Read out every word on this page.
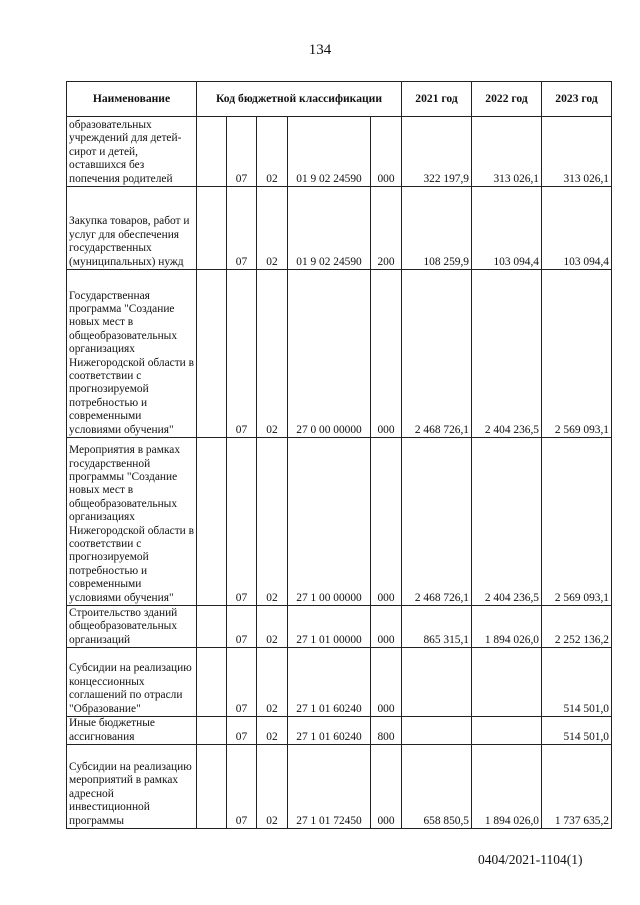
134
Наименование	Код бюджетной классификации					2021 год	2022 год	2023 год
образовательных учреждений для детей-сирот и детей, оставшихся без попечения родителей		07	02	01 9 02 24590	000	322 197,9	313 026,1	313 026,1
Закупка товаров, работ и услуг для обеспечения государственных (муниципальных) нужд		07	02	01 9 02 24590	200	108 259,9	103 094,4	103 094,4
Государственная программа "Создание новых мест в общеобразовательных организациях Нижегородской области в соответствии с прогнозируемой потребностью и современными условиями обучения"		07	02	27 0 00 00000	000	2 468 726,1	2 404 236,5	2 569 093,1
Мероприятия в рамках государственной программы "Создание новых мест в общеобразовательных организациях Нижегородской области в соответствии с прогнозируемой потребностью и современными условиями обучения"		07	02	27 1 00 00000	000	2 468 726,1	2 404 236,5	2 569 093,1
Строительство зданий общеобразовательных организаций		07	02	27 1 01 00000	000	865 315,1	1 894 026,0	2 252 136,2
Субсидии на реализацию концессионных соглашений по отрасли "Образование"		07	02	27 1 01 60240	000			514 501,0
Иные бюджетные ассигнования		07	02	27 1 01 60240	800			514 501,0
Субсидии на реализацию мероприятий в рамках адресной инвестиционной программы		07	02	27 1 01 72450	000	658 850,5	1 894 026,0	1 737 635,2
0404/2021-1104(1)
